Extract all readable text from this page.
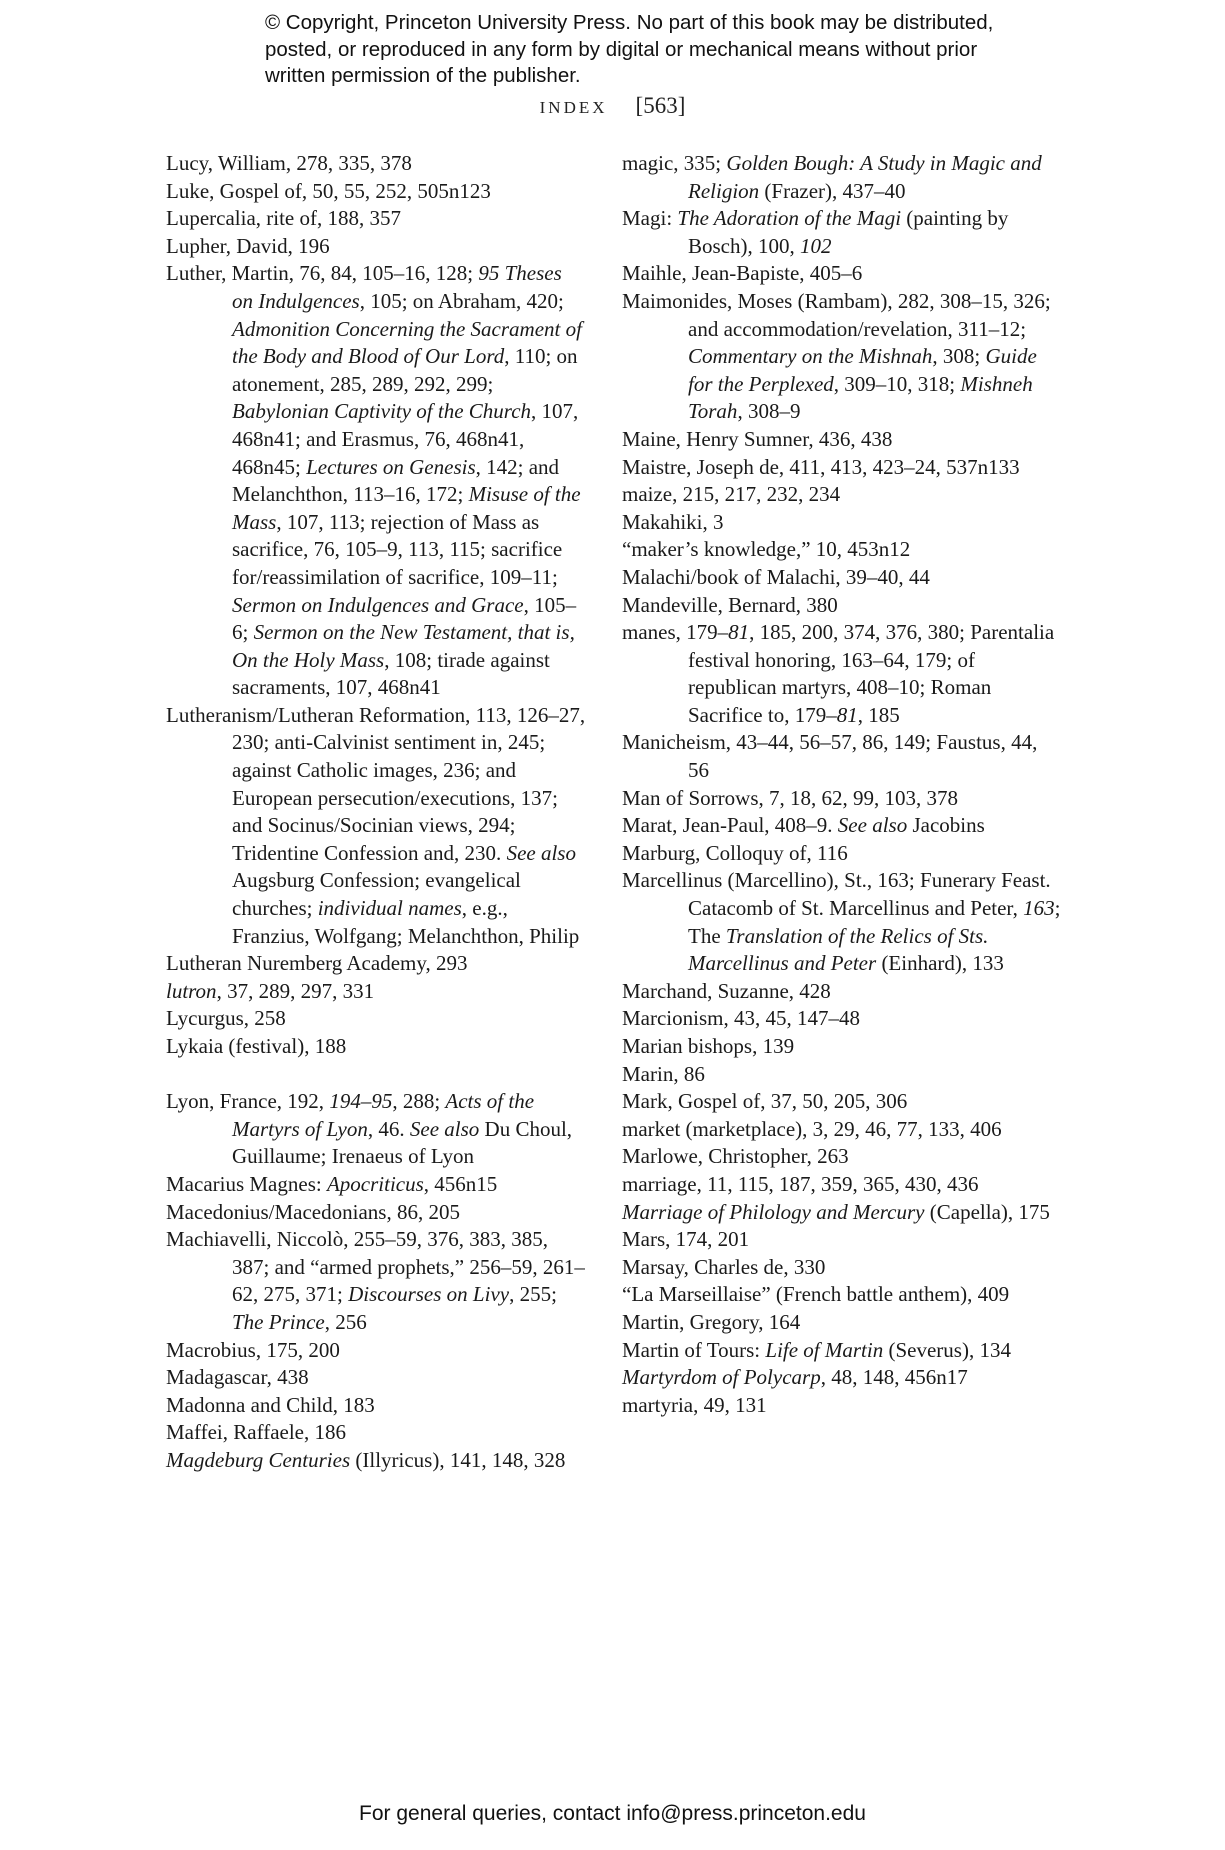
© Copyright, Princeton University Press. No part of this book may be distributed, posted, or reproduced in any form by digital or mechanical means without prior written permission of the publisher.
INDEX [563]
Lucy, William, 278, 335, 378
Luke, Gospel of, 50, 55, 252, 505n123
Lupercalia, rite of, 188, 357
Lupher, David, 196
Luther, Martin, 76, 84, 105–16, 128; 95 Theses on Indulgences, 105; on Abraham, 420; Admonition Concerning the Sacrament of the Body and Blood of Our Lord, 110; on atonement, 285, 289, 292, 299; Babylonian Captivity of the Church, 107, 468n41; and Erasmus, 76, 468n41, 468n45; Lectures on Genesis, 142; and Melanchthon, 113–16, 172; Misuse of the Mass, 107, 113; rejection of Mass as sacrifice, 76, 105–9, 113, 115; sacrifice for/reassimilation of sacrifice, 109–11; Sermon on Indulgences and Grace, 105–6; Sermon on the New Testament, that is, On the Holy Mass, 108; tirade against sacraments, 107, 468n41
Lutheranism/Lutheran Reformation, 113, 126–27, 230; anti-Calvinist sentiment in, 245; against Catholic images, 236; and European persecution/executions, 137; and Socinus/Socinian views, 294; Tridentine Confession and, 230. See also Augsburg Confession; evangelical churches; individual names, e.g., Franzius, Wolfgang; Melanchthon, Philip
Lutheran Nuremberg Academy, 293
lutron, 37, 289, 297, 331
Lycurgus, 258
Lykaia (festival), 188
Lyon, France, 192, 194–95, 288; Acts of the Martyrs of Lyon, 46. See also Du Choul, Guillaume; Irenaeus of Lyon
Macarius Magnes: Apocriticus, 456n15
Macedonius/Macedonians, 86, 205
Machiavelli, Niccolò, 255–59, 376, 383, 385, 387; and “armed prophets,” 256–59, 261–62, 275, 371; Discourses on Livy, 255; The Prince, 256
Macrobius, 175, 200
Madagascar, 438
Madonna and Child, 183
Maffei, Raffaele, 186
Magdeburg Centuries (Illyricus), 141, 148, 328
magic, 335; Golden Bough: A Study in Magic and Religion (Frazer), 437–40
Magi: The Adoration of the Magi (painting by Bosch), 100, 102
Maihle, Jean-Bapiste, 405–6
Maimonides, Moses (Rambam), 282, 308–15, 326; and accommodation/revelation, 311–12; Commentary on the Mishnah, 308; Guide for the Perplexed, 309–10, 318; Mishneh Torah, 308–9
Maine, Henry Sumner, 436, 438
Maistre, Joseph de, 411, 413, 423–24, 537n133
maize, 215, 217, 232, 234
Makahiki, 3
“maker’s knowledge,” 10, 453n12
Malachi/book of Malachi, 39–40, 44
Mandeville, Bernard, 380
manes, 179–81, 185, 200, 374, 376, 380; Parentalia festival honoring, 163–64, 179; of republican martyrs, 408–10; Roman Sacrifice to, 179–81, 185
Manicheism, 43–44, 56–57, 86, 149; Faustus, 44, 56
Man of Sorrows, 7, 18, 62, 99, 103, 378
Marat, Jean-Paul, 408–9. See also Jacobins
Marburg, Colloquy of, 116
Marcellinus (Marcellino), St., 163; Funerary Feast. Catacomb of St. Marcellinus and Peter, 163; The Translation of the Relics of Sts. Marcellinus and Peter (Einhard), 133
Marchand, Suzanne, 428
Marcionism, 43, 45, 147–48
Marian bishops, 139
Marin, 86
Mark, Gospel of, 37, 50, 205, 306
market (marketplace), 3, 29, 46, 77, 133, 406
Marlowe, Christopher, 263
marriage, 11, 115, 187, 359, 365, 430, 436
Marriage of Philology and Mercury (Capella), 175
Mars, 174, 201
Marsay, Charles de, 330
“La Marseillaise” (French battle anthem), 409
Martin, Gregory, 164
Martin of Tours: Life of Martin (Severus), 134
Martyrdom of Polycarp, 48, 148, 456n17
martyria, 49, 131
For general queries, contact info@press.princeton.edu
